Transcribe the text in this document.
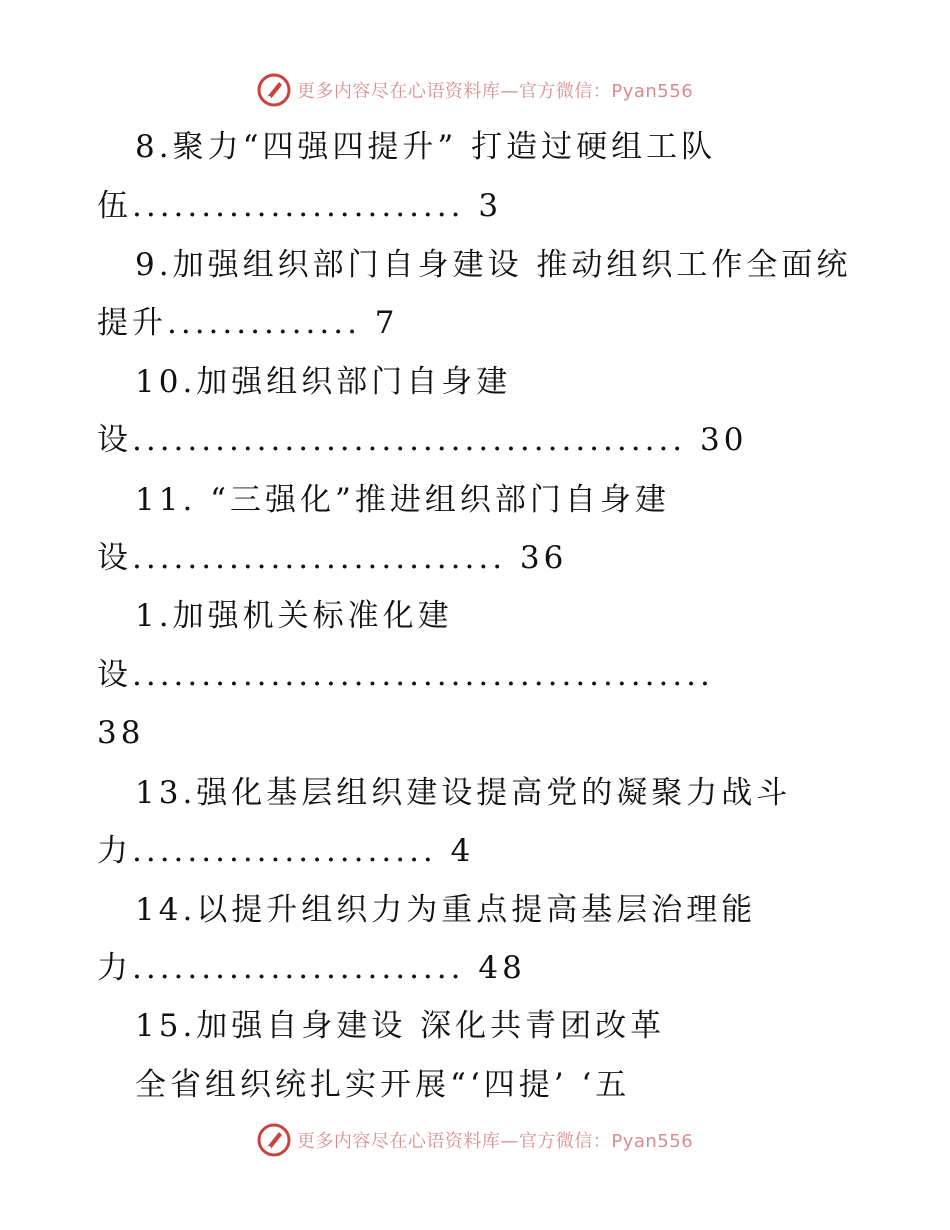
更多内容尽在心语资料库—官方微信：Pyan556
8.聚力“四强四提升” 打造过硬组工队
伍........................ 3
9.加强组织部门自身建设 推动组织工作全面统
提升.............. 7
10.加强组织部门自身建
设........................................ 30
11. “三强化”推进组织部门自身建
设........................... 36
1.加强机关标准化建
设..........................................
38
13.强化基层组织建设提高党的凝聚力战斗
力...................... 4
14.以提升组织力为重点提高基层治理能
力........................ 48
15.加强自身建设 深化共青团改革
全省组织统扎实开展“‘四提’ ‘五
更多内容尽在心语资料库—官方微信：Pyan556
